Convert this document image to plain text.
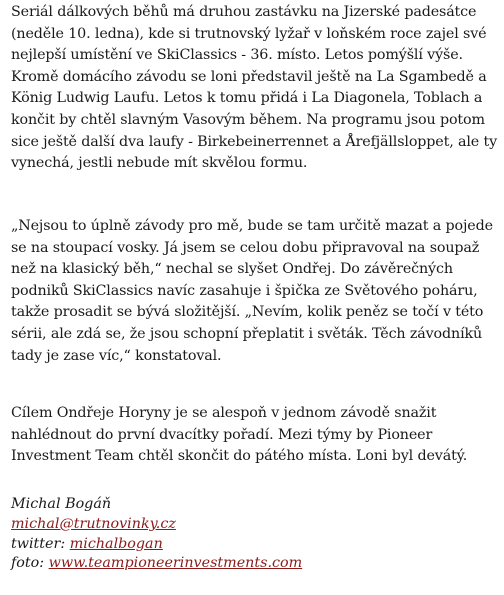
Seriál dálkových běhů má druhou zastávku na Jizerské padesátce
(neděle 10. ledna), kde si trutnovský lyžař v loňském roce zajel své
nejlepší umístění ve SkiClassics - 36. místo. Letos pomýšlí výše.
Kromě domácího závodu se loni představil ještě na La Sgambedě a
König Ludwig Laufu. Letos k tomu přidá i La Diagonela, Toblach a
končit by chtěl slavným Vasovým během. Na programu jsou potom
sice ještě další dva laufy - Birkebeinerrennet a Årefjällsloppet, ale ty
vynechá, jestli nebude mít skvělou formu.

„Nejsou to úplně závody pro mě, bude se tam určitě mazat a pojede
se na stoupací vosky. Já jsem se celou dobu připravoval na soupaž
než na klasický běh,“ nechal se slyšet Ondřej. Do závěrečných
podniků SkiClassics navíc zasahuje i špička ze Světového poháru,
takže prosadit se bývá složitější. „Nevím, kolik peněz se točí v této
sérii, ale zdá se, že jsou schopní přeplatit i světák. Těch závodníků
tady je zase víc,“ konstatoval.

Cílem Ondřeje Horyny je se alespoň v jednom závodě snažit
nahlédnout do první dvacítky pořadí. Mezi týmy by Pioneer
Investment Team chtěl skončit do pátého místa. Loni byl devátý.

Michal Bogáň
michal@trutnovinky.cz
twitter: michalbogan
foto: www.teampioneerinvestments.com
